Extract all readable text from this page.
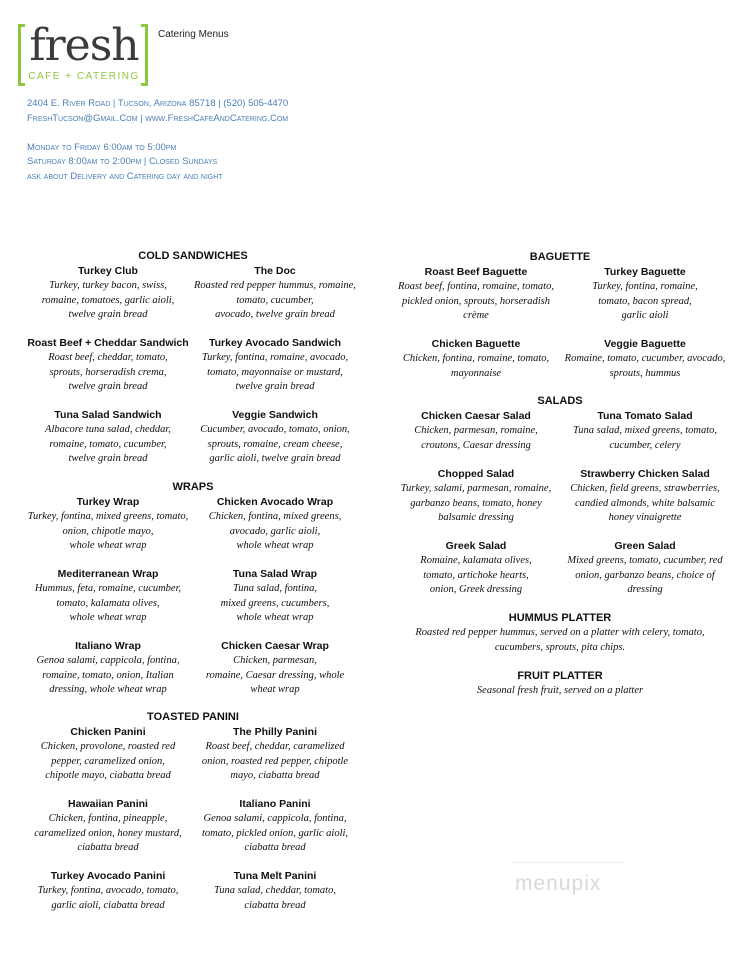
fresh
CAFE + CATERING
Catering Menus
2404 E. River Road | Tucson, Arizona 85718 | (520) 505-4470
FreshTucson@Gmail.Com | www.FreshCafeAndCatering.Com
Monday to Friday 6:00am to 5:00pm
Saturday 8:00am to 2:00pm | Closed Sundays
ask about Delivery and Catering day and night
COLD SANDWICHES
Turkey Club
Turkey, turkey bacon, swiss,
romaine, tomatoes, garlic aioli,
twelve grain bread
The Doc
Roasted red pepper hummus, romaine,
tomato, cucumber,
avocado, twelve grain bread
Roast Beef + Cheddar Sandwich
Roast beef, cheddar, tomato,
sprouts, horseradish crema,
twelve grain bread
Turkey Avocado Sandwich
Turkey, fontina, romaine, avocado,
tomato, mayonnaise or mustard,
twelve grain bread
Tuna Salad Sandwich
Albacore tuna salad, cheddar,
romaine, tomato, cucumber,
twelve grain bread
Veggie Sandwich
Cucumber, avocado, tomato, onion,
sprouts, romaine, cream cheese,
garlic aioli, twelve grain bread
WRAPS
Turkey Wrap
Turkey, fontina, mixed greens, tomato,
onion, chipotle mayo,
whole wheat wrap
Chicken Avocado Wrap
Chicken, fontina, mixed greens,
avocado, garlic aioli,
whole wheat wrap
Mediterranean Wrap
Hummus, feta, romaine, cucumber,
tomato, kalamata olives,
whole wheat wrap
Tuna Salad Wrap
Tuna salad, fontina,
mixed greens, cucumbers,
whole wheat wrap
Italiano Wrap
Genoa salami, cappicola, fontina,
romaine, tomato, onion, Italian
dressing, whole wheat wrap
Chicken Caesar Wrap
Chicken, parmesan,
romaine, Caesar dressing, whole
wheat wrap
TOASTED PANINI
Chicken Panini
Chicken, provolone, roasted red
pepper, caramelized onion,
chipotle mayo, ciabatta bread
The Philly Panini
Roast beef, cheddar, caramelized
onion, roasted red pepper, chipotle
mayo, ciabatta bread
Hawaiian Panini
Chicken, fontina, pineapple,
caramelized onion, honey mustard,
ciabatta bread
Italiano Panini
Genoa salami, cappicola, fontina,
tomato, pickled onion, garlic aioli,
ciabatta bread
Turkey Avocado Panini
Turkey, fontina, avocado, tomato,
garlic aioli, ciabatta bread
Tuna Melt Panini
Tuna salad, cheddar, tomato,
ciabatta bread
BAGUETTE
Roast Beef Baguette
Roast beef, fontina, romaine, tomato,
pickled onion, sprouts, horseradish
crème
Turkey Baguette
Turkey, fontina, romaine,
tomato, bacon spread,
garlic aioli
Chicken Baguette
Chicken, fontina, romaine, tomato,
mayonnaise
Veggie Baguette
Romaine, tomato, cucumber, avocado,
sprouts, hummus
SALADS
Chicken Caesar Salad
Chicken, parmesan, romaine,
croutons, Caesar dressing
Tuna Tomato Salad
Tuna salad, mixed greens, tomato,
cucumber, celery
Chopped Salad
Turkey, salami, parmesan, romaine,
garbanzo beans, tomato, honey
balsamic dressing
Strawberry Chicken Salad
Chicken, field greens, strawberries,
candied almonds, white balsamic
honey vinaigrette
Greek Salad
Romaine, kalamata olives,
tomato, artichoke hearts,
onion, Greek dressing
Green Salad
Mixed greens, tomato, cucumber, red
onion, garbanzo beans, choice of
dressing
HUMMUS PLATTER
Roasted red pepper hummus, served on a platter with celery, tomato,
cucumbers, sprouts, pita chips.
FRUIT PLATTER
Seasonal fresh fruit, served on a platter
menupix
